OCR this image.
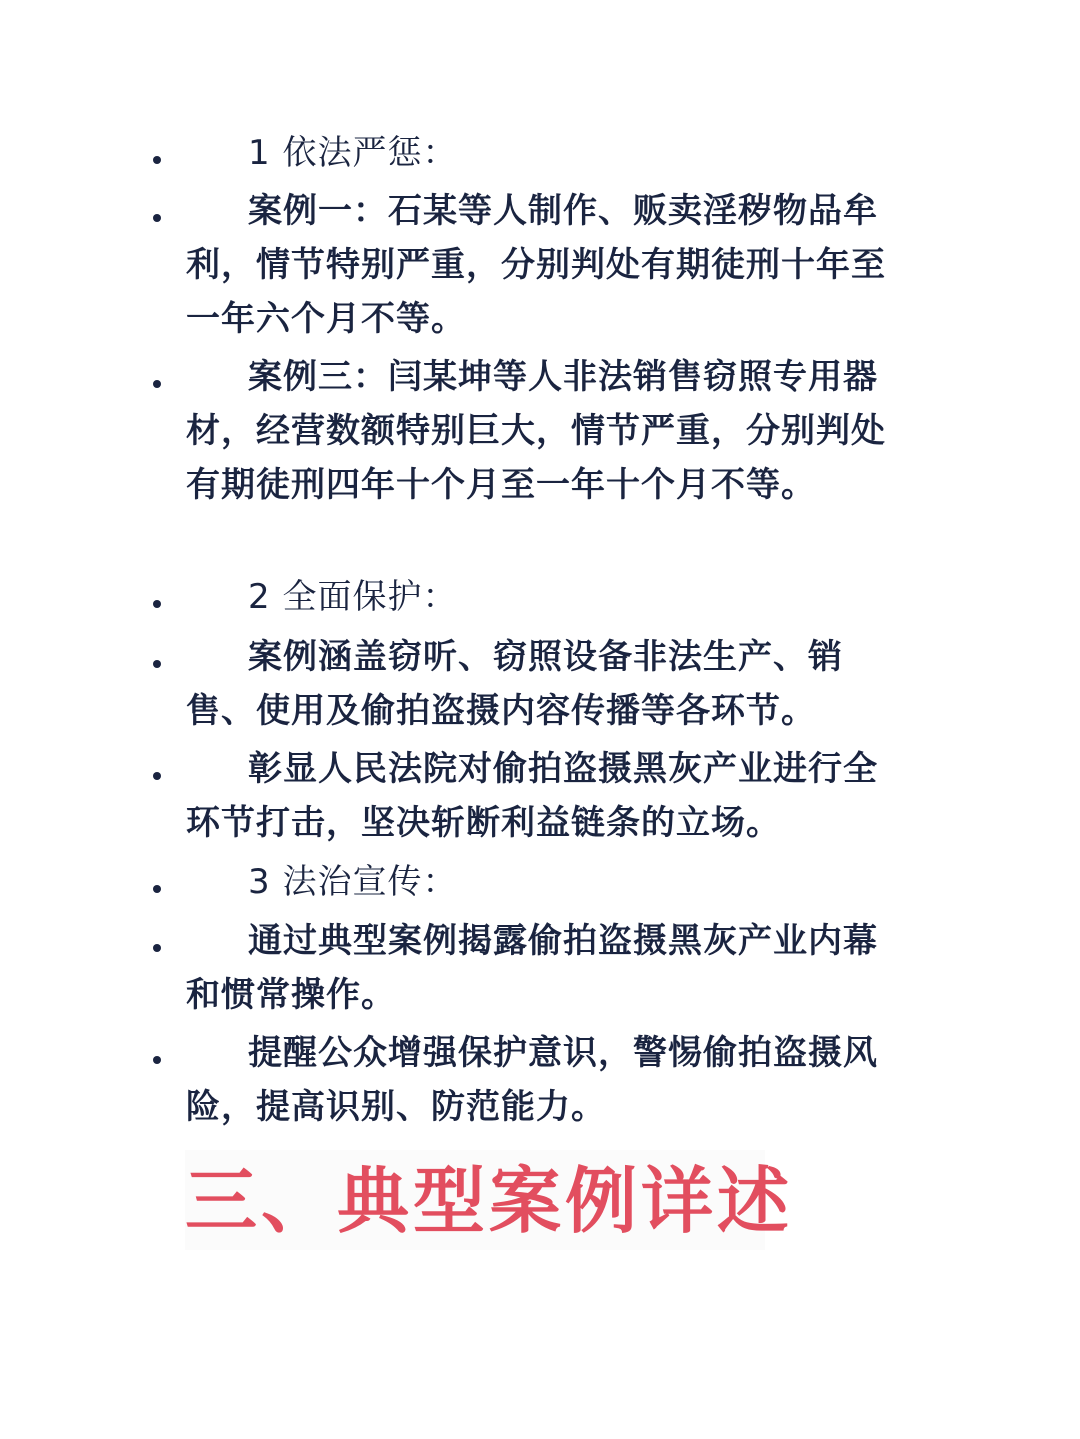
1 依法严惩：
案例一：石某等人制作、贩卖淫秽物品牟利，情节特别严重，分别判处有期徒刑十年至一年六个月不等。
案例三：闫某坤等人非法销售窃照专用器材，经营数额特别巨大，情节严重，分别判处有期徒刑四年十个月至一年十个月不等。
2 全面保护：
案例涵盖窃听、窃照设备非法生产、销售、使用及偷拍盗摄内容传播等各环节。
彰显人民法院对偷拍盗摄黑灰产业进行全环节打击，坚决斩断利益链条的立场。
3 法治宣传：
通过典型案例揭露偷拍盗摄黑灰产业内幕和惯常操作。
提醒公众增强保护意识，警惕偷拍盗摄风险，提高识别、防范能力。
三、典型案例详述
